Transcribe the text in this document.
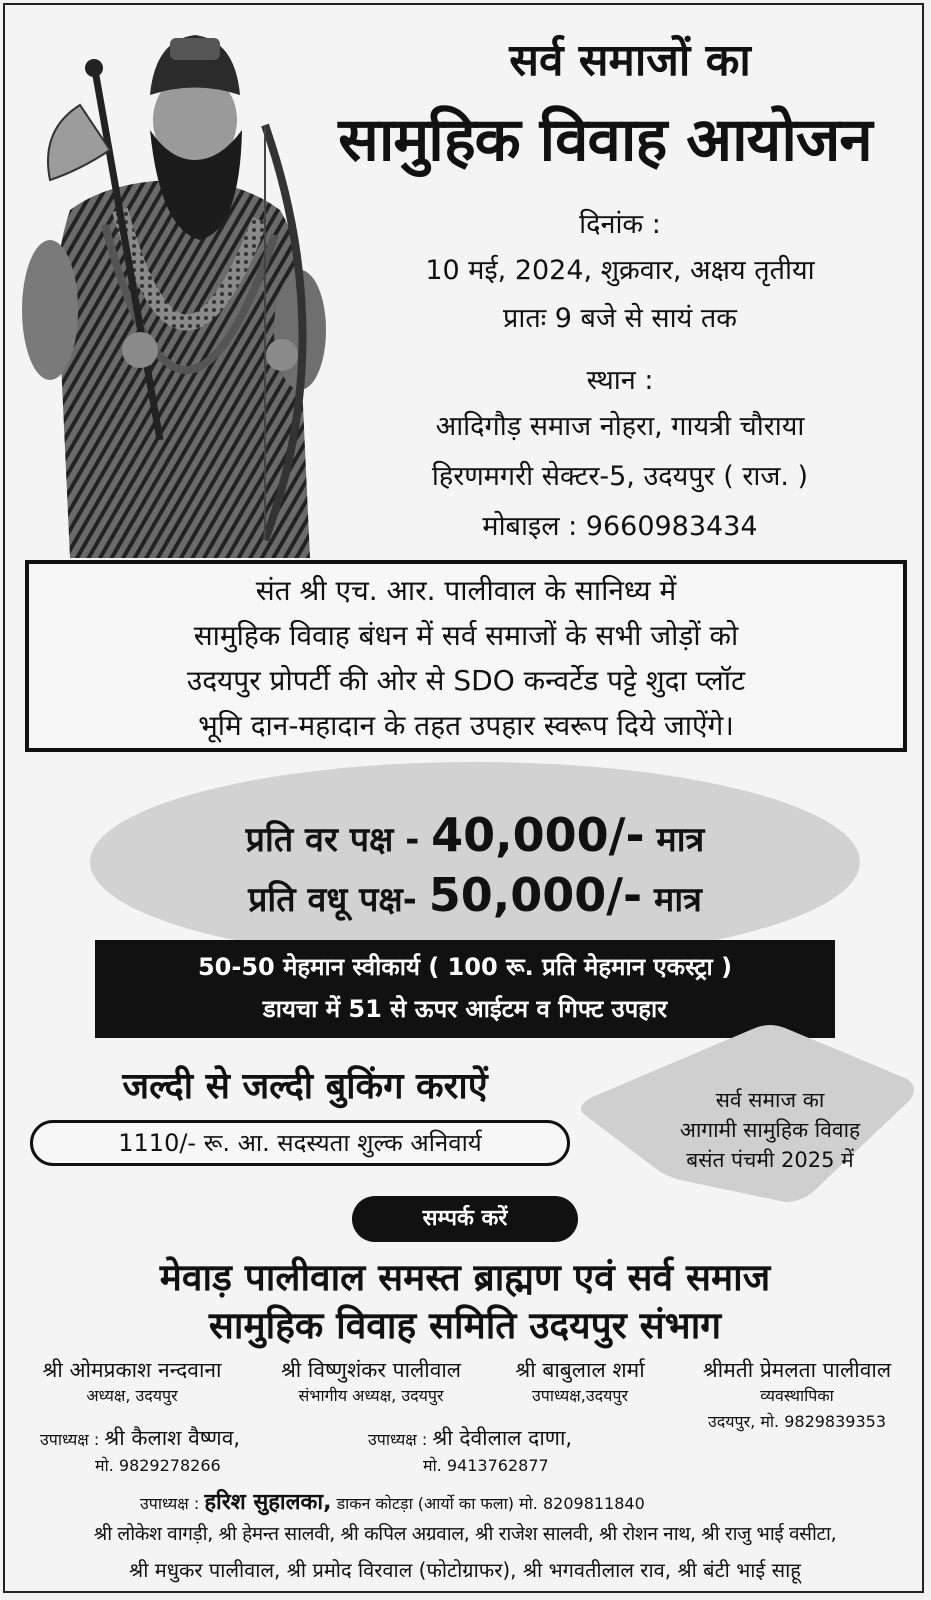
सर्व समाजों का
सामुहिक विवाह आयोजन
दिनांक :
10 मई, 2024, शुक्रवार, अक्षय तृतीया
प्रातः 9 बजे से सायं तक
स्थान :
आदिगौड़ समाज नोहरा, गायत्री चौराया
हिरणमगरी सेक्टर-5, उदयपुर ( राज. )
मोबाइल : 9660983434
संत श्री एच. आर. पालीवाल के सानिध्य में
सामुहिक विवाह बंधन में सर्व समाजों के सभी जोड़ों को
उदयपुर प्रोपर्टी की ओर से SDO कन्वर्टेड पट्टे शुदा प्लॉट
भूमि दान-महादान के तहत उपहार स्वरूप दिये जाऐंगे।
प्रति वर पक्ष - 40,000/- मात्र
प्रति वधू पक्ष- 50,000/- मात्र
50-50 मेहमान स्वीकार्य ( 100 रू. प्रति मेहमान एकस्ट्रा )
डायचा में 51 से ऊपर आईटम व गिफ्ट उपहार
जल्दी से जल्दी बुकिंग कराऐं
1110/- रू. आ. सदस्यता शुल्क अनिवार्य
सर्व समाज का
आगामी सामुहिक विवाह
बसंत पंचमी 2025 में
सम्पर्क करें
मेवाड़ पालीवाल समस्त ब्राह्मण एवं सर्व समाज
सामुहिक विवाह समिति उदयपुर संभाग
श्री ओमप्रकाश नन्दवाना
अध्यक्ष, उदयपुर
श्री विष्णुशंकर पालीवाल
संभागीय अध्यक्ष, उदयपुर
श्री बाबुलाल शर्मा
उपाध्यक्ष,उदयपुर
श्रीमती प्रेमलता पालीवाल
व्यवस्थापिका
उदयपुर, मो. 9829839353
उपाध्यक्ष : श्री कैलाश वैष्णव,
मो. 9829278266
उपाध्यक्ष : श्री देवीलाल दाणा,
मो. 9413762877
उपाध्यक्ष : हरिश सुहालका, डाकन कोटड़ा (आर्यो का फला) मो. 8209811840
श्री लोकेश वागड़ी, श्री हेमन्त सालवी, श्री कपिल अग्रवाल, श्री राजेश सालवी, श्री रोशन नाथ, श्री राजु भाई वसीटा,
श्री मधुकर पालीवाल, श्री प्रमोद विरवाल (फोटोग्राफर), श्री भगवतीलाल राव, श्री बंटी भाई साहू
